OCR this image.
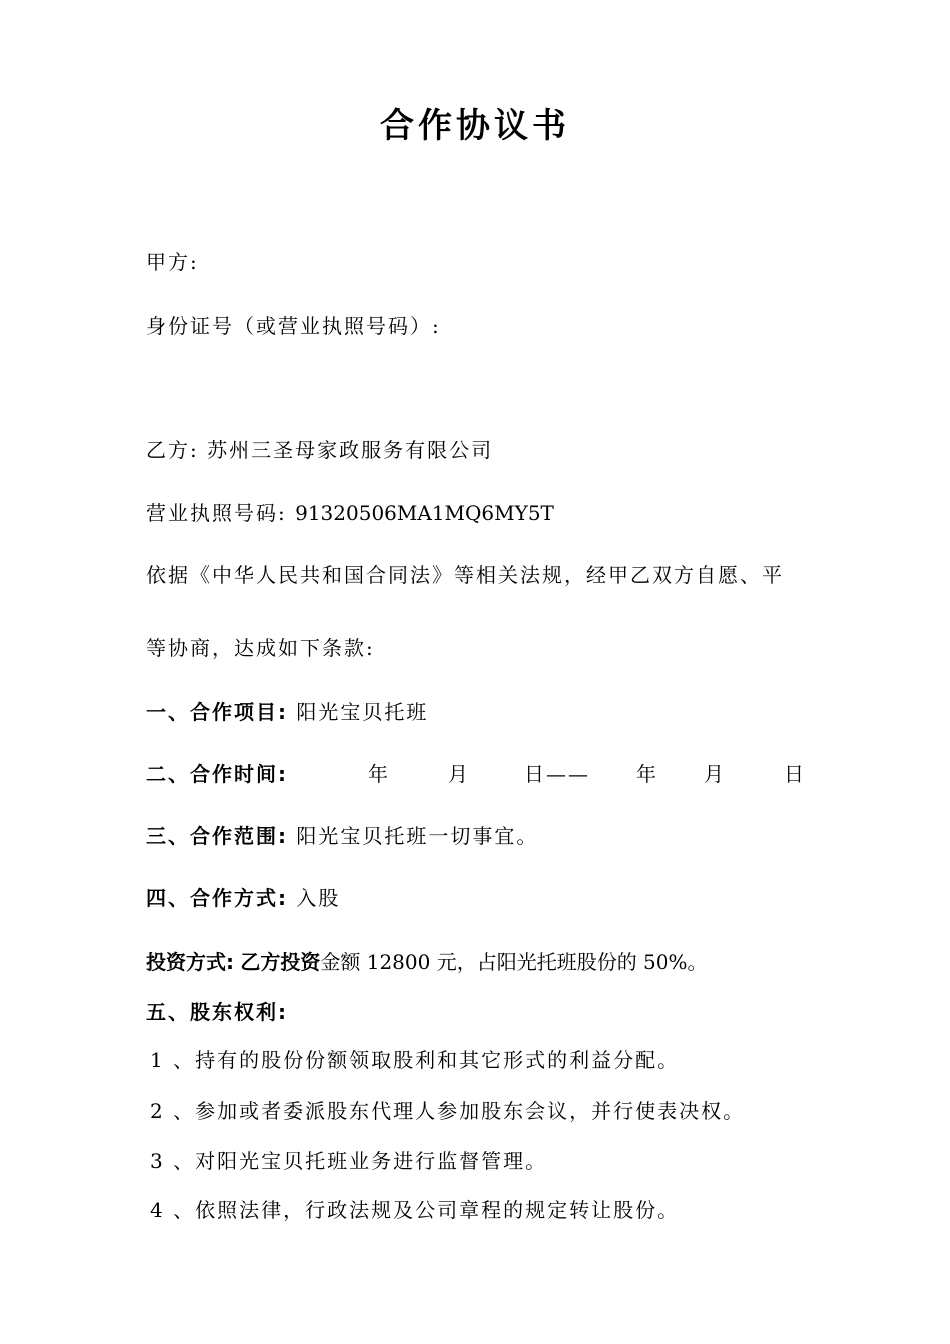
合作协议书
甲方:
身份证号（或营业执照号码）:
乙方: 苏州三圣母家政服务有限公司
营业执照号码: 91320506MA1MQ6MY5T
依据《中华人民共和国合同法》等相关法规，经甲乙双方自愿、平
等协商，达成如下条款:
一、合作项目: 阳光宝贝托班
二、合作时间:	年	月	日—— 年 月	日
三、合作范围: 阳光宝贝托班一切事宜。
四、合作方式: 入股
投资方式: 乙方投资金额 12800 元，占阳光托班股份的 50%。
五、股东权利:
1 、持有的股份份额领取股利和其它形式的利益分配。
2 、参加或者委派股东代理人参加股东会议，并行使表决权。
3 、对阳光宝贝托班业务进行监督管理。
4 、依照法律，行政法规及公司章程的规定转让股份。
